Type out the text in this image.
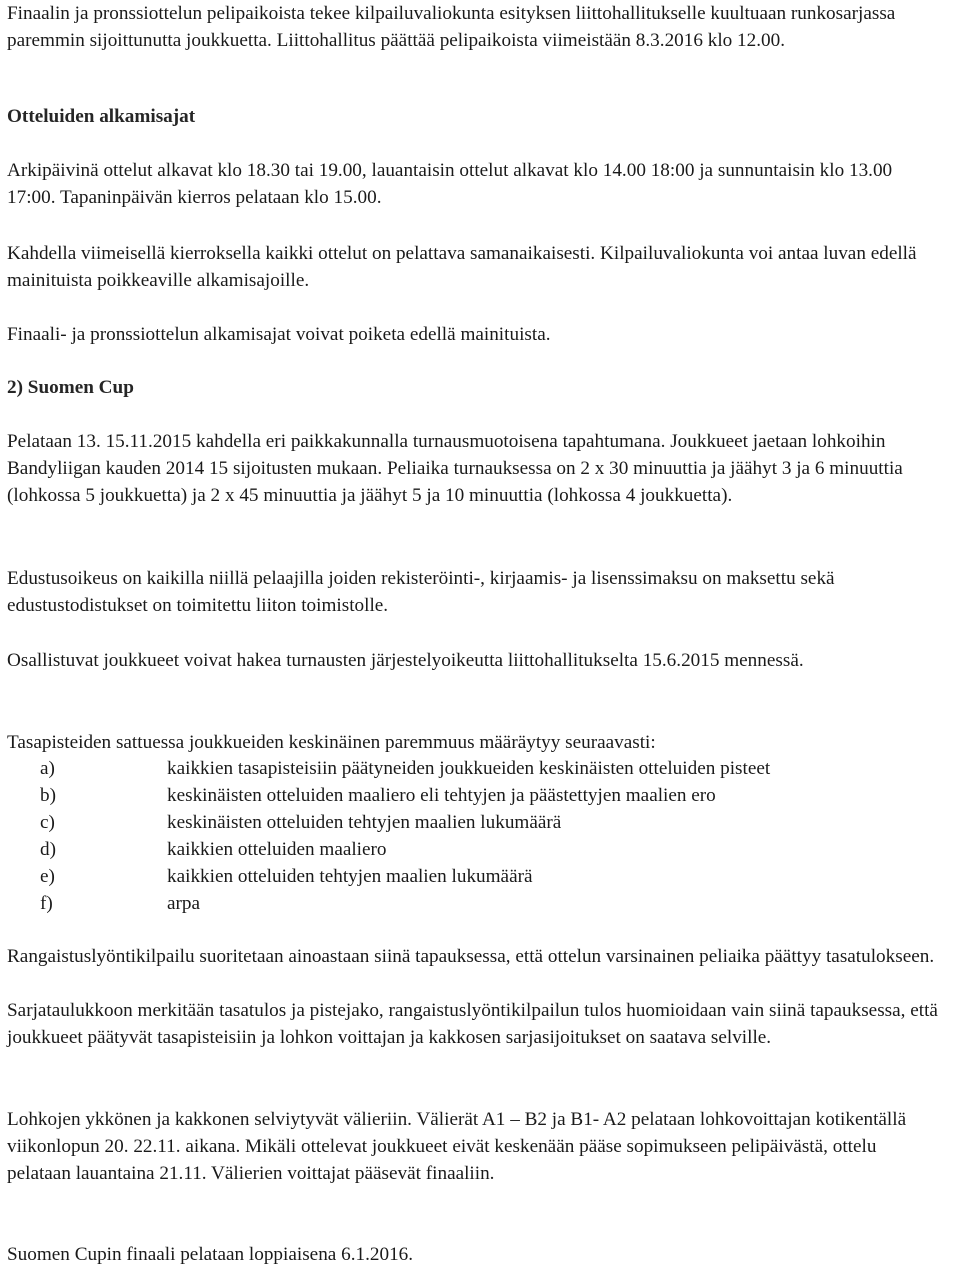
Finaalin ja pronssiottelun pelipaikoista tekee kilpailuvaliokunta esityksen liittohallitukselle kuultuaan runkosarjassa paremmin sijoittunutta joukkuetta. Liittohallitus päättää pelipaikoista viimeistään 8.3.2016 klo 12.00.

Otteluiden alkamisajat

Arkipäivinä ottelut alkavat klo 18.30 tai 19.00, lauantaisin ottelut alkavat klo 14.00 18:00 ja sunnuntaisin klo 13.00 17:00. Tapaninpäivän kierros pelataan klo 15.00.

Kahdella viimeisellä kierroksella kaikki ottelut on pelattava samanaikaisesti. Kilpailuvaliokunta voi antaa luvan edellä mainituista poikkeaville alkamisajoille.

Finaali- ja pronssiottelun alkamisajat voivat poiketa edellä mainituista.

2) Suomen Cup

Pelataan 13. 15.11.2015 kahdella eri paikkakunnalla turnausmuotoisena tapahtumana. Joukkueet jaetaan lohkoihin Bandyliigan kauden 2014 15 sijoitusten mukaan. Peliaika turnauksessa on 2 x 30 minuuttia ja jäähyt 3 ja 6 minuuttia (lohkossa 5 joukkuetta) ja 2 x 45 minuuttia ja jäähyt 5 ja 10 minuuttia (lohkossa 4 joukkuetta).

Edustusoikeus on kaikilla niillä pelaajilla joiden rekisteröinti-, kirjaamis- ja lisenssimaksu on maksettu sekä edustustodistukset on toimitettu liiton toimistolle.

Osallistuvat joukkueet voivat hakea turnausten järjestelyoikeutta liittohallitukselta 15.6.2015 mennessä.

Tasapisteiden sattuessa joukkueiden keskinäinen paremmuus määräytyy seuraavasti:

a)	kaikkien tasapisteisiin päätyneiden joukkueiden keskinäisten otteluiden pisteet
b)	keskinäisten otteluiden maaliero eli tehtyjen ja päästettyjen maalien ero
c)	keskinäisten otteluiden tehtyjen maalien lukumäärä
d)	kaikkien otteluiden maaliero
e)	kaikkien otteluiden tehtyjen maalien lukumäärä
f)	arpa

Rangaistuslyöntikilpailu suoritetaan ainoastaan siinä tapauksessa, että ottelun varsinainen peliaika päättyy tasatulokseen.

Sarjataulukkoon merkitään tasatulos ja pistejako, rangaistuslyöntikilpailun tulos huomioidaan vain siinä tapauksessa, että joukkueet päätyvät tasapisteisiin ja lohkon voittajan ja kakkosen sarjasijoitukset on saatava selville.

Lohkojen ykkönen ja kakkonen selviytyvät välieriin. Välierät A1 – B2 ja B1- A2 pelataan lohkovoittajan kotikentällä viikonlopun 20. 22.11. aikana. Mikäli ottelevat joukkueet eivät keskenään pääse sopimukseen pelipäivästä, ottelu pelataan lauantaina 21.11. Välierien voittajat pääsevät finaaliin.

Suomen Cupin finaali pelataan loppiaisena 6.1.2016.
